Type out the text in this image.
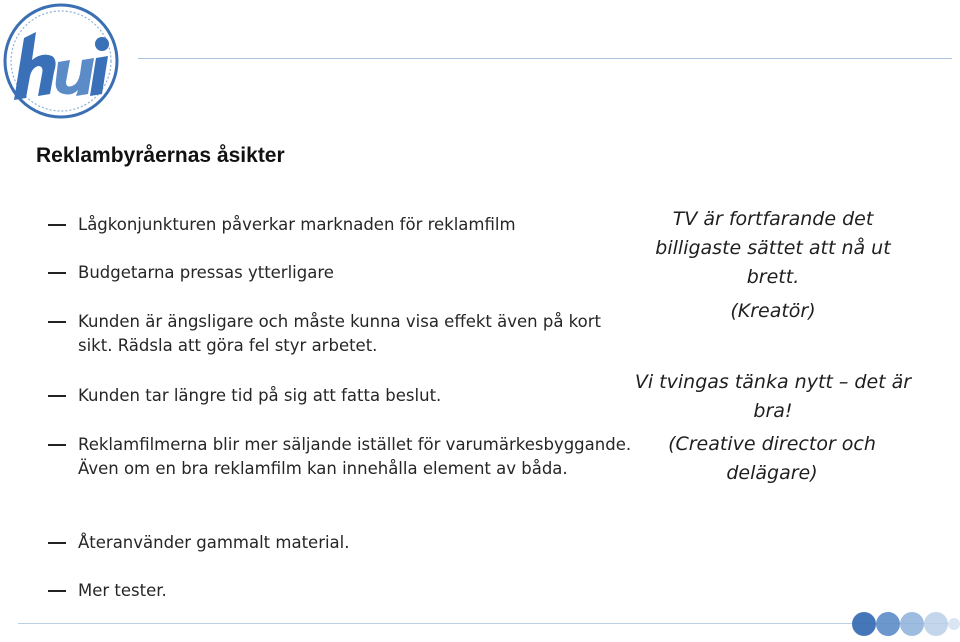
Reklambyråernas åsikter
Lågkonjunkturen påverkar marknaden för reklamfilm
Budgetarna pressas ytterligare
Kunden är ängsligare och måste kunna visa effekt även på kort sikt. Rädsla att göra fel styr arbetet.
Kunden tar längre tid på sig att fatta beslut.
Reklamfilmerna blir mer säljande istället för varumärkesbyggande. Även om en bra reklamfilm kan innehålla element av båda.
Återanvänder gammalt material.
Mer tester.
TV är fortfarande det billigaste sättet att nå ut brett.
(Kreatör)
Vi tvingas tänka nytt – det är bra!
(Creative director och delägare)
